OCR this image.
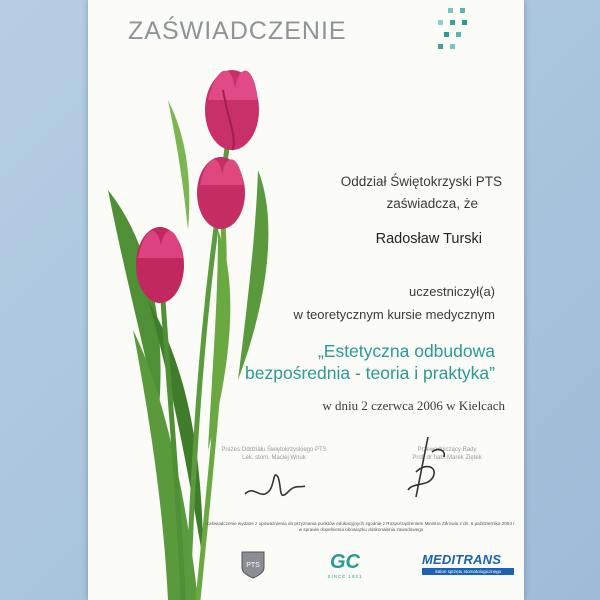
ZAŚWIADCZENIE
Oddział Świętokrzyski PTS
zaświadcza, że
Radosław Turski
uczestniczył(a)
w teoretycznym kursie medycznym
„Estetyczna odbudowa
bezpośrednia - teoria i praktyka”
w dniu 2 czerwca 2006 w Kielcach
Prezes Oddziału Świętokrzyskiego PTS
Lek. stom. Maciej Wnuk
Przewodniczący Rady
Prof. dr hab. Marek Ziętek
Zaświadczenie wydane z upoważnienia do przyznania punktów edukacyjnych zgodnie z Rozporządzeniem Ministra Zdrowia z dn. 6 października 2004 r. w sprawie dopełnienia obowiązku doskonalenia zawodowego
PTS	GC
SINCE 1921
MEDITRANS
Salon sprzętu stomatologicznego
